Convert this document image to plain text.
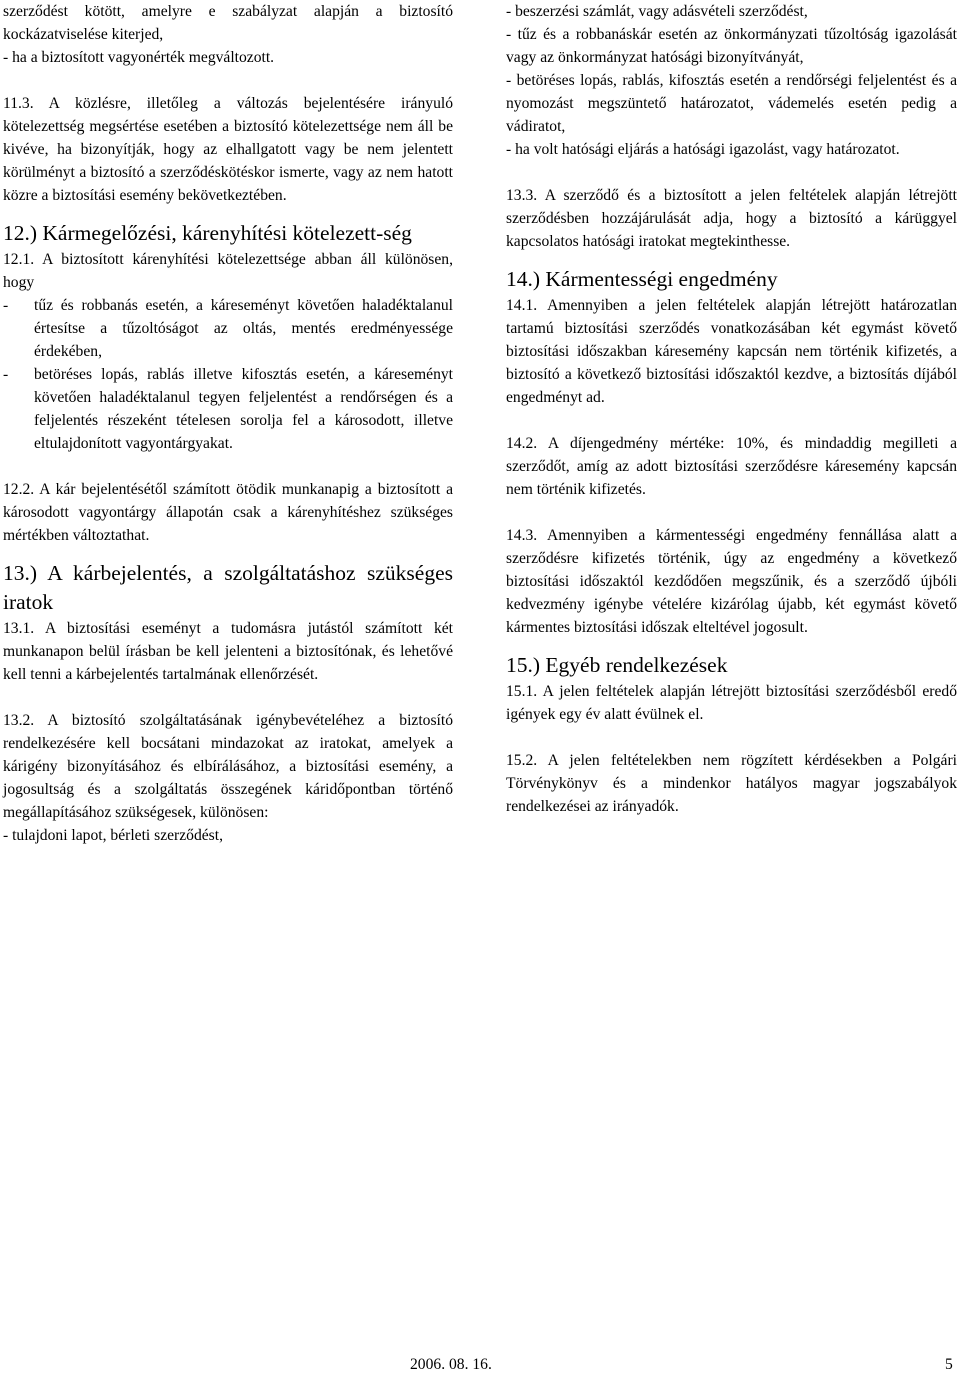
szerződést kötött, amelyre e szabályzat alapján a biztosító kockázatviselése kiterjed,

- ha a biztosított vagyonérték megváltozott.

11.3. A közlésre, illetőleg a változás bejelentésére irányuló kötelezettség megsértése esetében a biztosító kötelezettsége nem áll be kivéve, ha bizonyítják, hogy az elhallgatott vagy be nem jelentett körülményt a biztosító a szerződéskötéskor ismerte, vagy az nem hatott közre a biztosítási esemény bekövetkeztében.

12.) Kármegelőzési, kárenyhítési kötelezett-ség

12.1. A biztosított kárenyhítési kötelezettsége abban áll különösen, hogy

- tűz és robbanás esetén, a káreseményt követően haladéktalanul értesítse a tűzoltóságot az oltás, mentés eredményessége érdekében,

- betöréses lopás, rablás illetve kifosztás esetén, a káreseményt követően haladéktalanul tegyen feljelentést a rendőrségen és a feljelentés részeként tételesen sorolja fel a károsodott, illetve eltulajdonított vagyontárgyakat.

12.2. A kár bejelentésétől számított ötödik munkanapig a biztosított a károsodott vagyontárgy állapotán csak a kárenyhítéshez szükséges mértékben változtathat.

13.) A kárbejelentés, a szolgáltatáshoz szükséges iratok

13.1. A biztosítási eseményt a tudomásra jutástól számított két munkanapon belül írásban be kell jelenteni a biztosítónak, és lehetővé kell tenni a kárbejelentés tartalmának ellenőrzését.

13.2. A biztosító szolgáltatásának igénybevételéhez a biztosító rendelkezésére kell bocsátani mindazokat az iratokat, amelyek a kárigény bizonyításához és elbírálásához, a biztosítási esemény, a jogosultság és a szolgáltatás összegének káridőpontban történő megállapításához szükségesek, különösen:

- tulajdoni lapot, bérleti szerződést,

- beszerzési számlát, vagy adásvételi szerződést,

- tűz és a robbanáskár esetén az önkormányzati tűzoltóság igazolását vagy az önkormányzat hatósági bizonyítványát,

- betöréses lopás, rablás, kifosztás esetén a rendőrségi feljelentést és a nyomozást megszüntető határozatot, vádemelés esetén pedig a vádiratot,

- ha volt hatósági eljárás a hatósági igazolást, vagy határozatot.

13.3. A szerződő és a biztosított a jelen feltételek alapján létrejött szerződésben hozzájárulását adja, hogy a biztosító a kárüggyel kapcsolatos hatósági iratokat megtekinthesse.

14.) Kármentességi engedmény

14.1. Amennyiben a jelen feltételek alapján létrejött határozatlan tartamú biztosítási szerződés vonatkozásában két egymást követő biztosítási időszakban káresemény kapcsán nem történik kifizetés, a biztosító a következő biztosítási időszaktól kezdve, a biztosítás díjából engedményt ad.

14.2. A díjengedmény mértéke: 10%, és mindaddig megilleti a szerződőt, amíg az adott biztosítási szerződésre káresemény kapcsán nem történik kifizetés.

14.3. Amennyiben a kármentességi engedmény fennállása alatt a szerződésre kifizetés történik, úgy az engedmény a következő biztosítási időszaktól kezdődően megszűnik, és a szerződő újbóli kedvezmény igénybe vételére kizárólag újabb, két egymást követő kármentes biztosítási időszak elteltével jogosult.

15.) Egyéb rendelkezések

15.1. A jelen feltételek alapján létrejött biztosítási szerződésből eredő igények egy év alatt évülnek el.

15.2. A jelen feltételekben nem rögzített kérdésekben a Polgári Törvénykönyv és a mindenkor hatályos magyar jogszabályok rendelkezései az irányadók.

2006. 08. 16.	5
